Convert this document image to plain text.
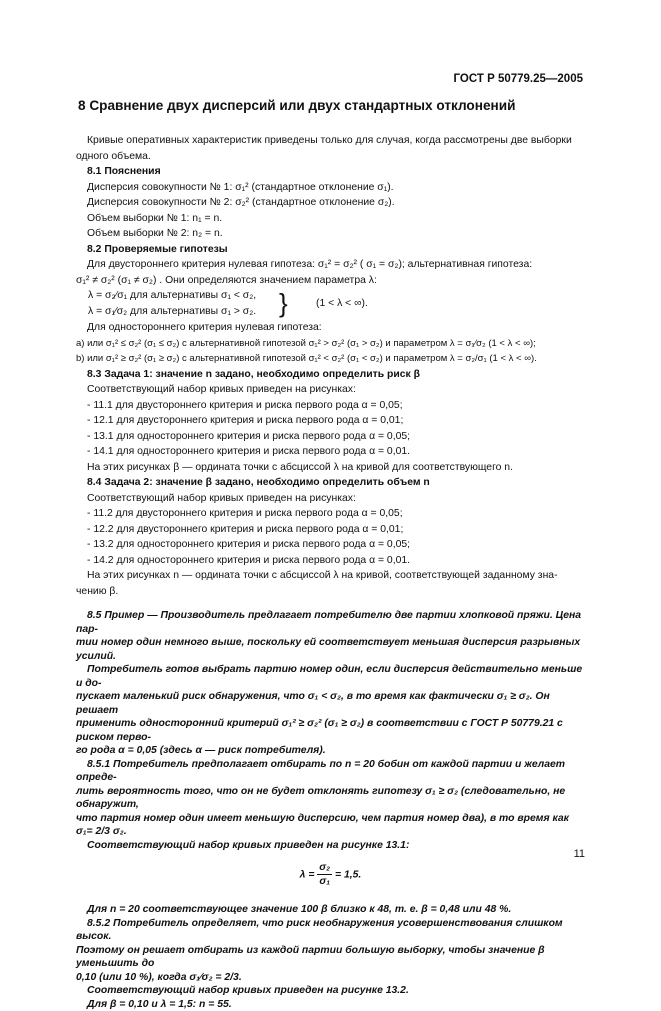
ГОСТ Р 50779.25—2005
8 Сравнение двух дисперсий или двух стандартных отклонений

Кривые оперативных характеристик приведены только для случая, когда рассмотрены две выборки одного объема.

8.1 Пояснения

Дисперсия совокупности № 1: σ₁² (стандартное отклонение σ₁).

Дисперсия совокупности № 2: σ₂² (стандартное отклонение σ₂).

Объем выборки № 1: n₁ = n.

Объем выборки № 2: n₂ = n.

8.2 Проверяемые гипотезы

Для двустороннего критерия нулевая гипотеза: σ₁² = σ₂² ( σ₁ = σ₂); альтернативная гипотеза:

σ₁² ≠ σ₂² (σ₁ ≠ σ₂) . Они определяются значением параметра λ:

λ = σ₂∕σ₁ для альтернативы σ₁ < σ₂,
λ = σ₁∕σ₂ для альтернативы σ₁ > σ₂. }	(1 < λ < ∞).

Для одностороннего критерия нулевая гипотеза:

а) или σ₁² ≤ σ₂² (σ₁ ≤ σ₂) с альтернативной гипотезой σ₁² > σ₂² (σ₁ > σ₂) и параметром λ = σ₁∕σ₂ (1 < λ < ∞);

b) или σ₁² ≥ σ₂² (σ₁ ≥ σ₂) с альтернативной гипотезой σ₁² < σ₂² (σ₁ < σ₂) и параметром λ = σ₂/σ₁ (1 < λ < ∞).

8.3 Задача 1: значение n задано, необходимо определить риск β

Соответствующий набор кривых приведен на рисунках:

- 11.1 для двустороннего критерия и риска первого рода α = 0,05;

- 12.1 для двустороннего критерия и риска первого рода α = 0,01;

- 13.1 для одностороннего критерия и риска первого рода α = 0,05;

- 14.1 для одностороннего критерия и риска первого рода α = 0,01.

На этих рисунках β — ордината точки с абсциссой λ на кривой для соответствующего n.

8.4 Задача 2: значение β задано, необходимо определить объем n

Соответствующий набор кривых приведен на рисунках:

- 11.2 для двустороннего критерия и риска первого рода α = 0,05;

- 12.2 для двустороннего критерия и риска первого рода α = 0,01;

- 13.2 для одностороннего критерия и риска первого рода α = 0,05;

- 14.2 для одностороннего критерия и риска первого рода α = 0,01.

На этих рисунках n — ордината точки с абсциссой λ на кривой, соответствующей заданному зна-

чению β.

8.5 Пример — Производитель предлагает потребителю две партии хлопковой пряжи. Цена пар-

тии номер один немного выше, поскольку ей соответствует меньшая дисперсия разрывных усилий.

Потребитель готов выбрать партию номер один, если дисперсия действительно меньше и до-

пускает маленький риск обнаружения, что σ₁ < σ₂, в то время как фактически σ₁ ≥ σ₂. Он решает

применить односторонний критерий σ₁² ≥ σ₂² (σ₁ ≥ σ₂) в соответствии с ГОСТ Р 50779.21 с риском перво-

го рода α = 0,05 (здесь α — риск потребителя).

8.5.1 Потребитель предполагает отбирать по n = 20 бобин от каждой партии и желает опреде-

лить вероятность того, что он не будет отклонять гипотезу σ₁ ≥ σ₂ (следовательно, не обнаружит,

что партия номер один имеет меньшую дисперсию, чем партия номер два), в то время как σ₁= 2/3 σ₂.

Соответствующий набор кривых приведен на рисунке 13.1:

$\lambda = \frac{\text{σ₂}}{\text{σ₁}} = 1,5$.

Для n = 20 соответствующее значение 100 β близко к 48, т. е. β = 0,48 или 48 %.

8.5.2 Потребитель определяет, что риск необнаружения усовершенствования слишком высок.

Поэтому он решает отбирать из каждой партии большую выборку, чтобы значение β уменьшить до

0,10 (или 10 %), когда σ₁∕σ₂ = 2/3.

Соответствующий набор кривых приведен на рисунке 13.2.

Для β = 0,10 и λ = 1,5: n = 55.

11
